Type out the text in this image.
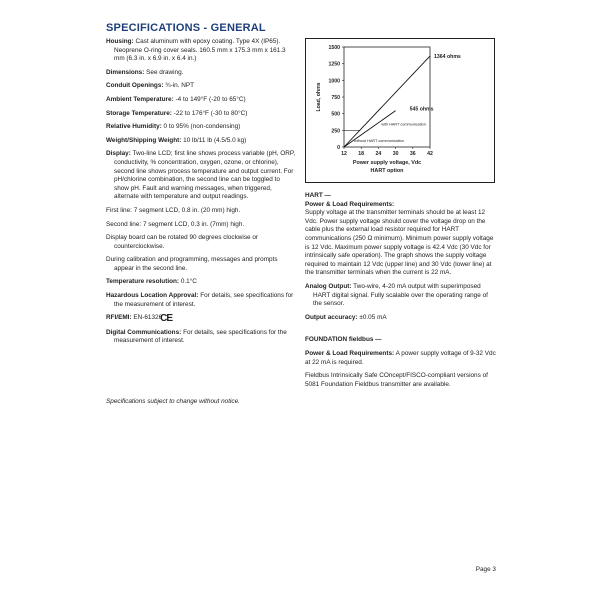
SPECIFICATIONS - GENERAL

Housing: Cast aluminum with epoxy coating. Type 4X (IP65). Neoprene O-ring cover seals. 160.5 mm x 175.3 mm x 161.3 mm (6.3 in. x 6.9 in. x 6.4 in.)

Dimensions: See drawing.

Conduit Openings: ¾-in. NPT

Ambient Temperature: -4 to 149°F (-20 to 65°C)

Storage Temperature: -22 to 176°F (-30 to 80°C)

Relative Humidity: 0 to 95% (non-condensing)

Weight/Shipping Weight: 10 lb/11 lb (4.5/5.0 kg)

Display: Two-line LCD; first line shows process variable (pH, ORP, conductivity, % concentration, oxygen, ozone, or chlorine), second line shows process temperature and output current. For pH/chlorine combination, the second line can be toggled to show pH. Fault and warning messages, when triggered, alternate with temperature and output readings.

First line: 7 segment LCD, 0.8 in. (20 mm) high.

Second line: 7 segment LCD, 0.3 in. (7mm) high.

Display board can be rotated 90 degrees clockwise or counterclockwise.

During calibration and programming, messages and prompts appear in the second line.

Temperature resolution: 0.1°C

Hazardous Location Approval: For details, see specifications for the measurement of interest.

RFI/EMI: EN-61326CE

Digital Communications: For details, see specifications for the measurement of interest.

Specifications subject to change without notice.
0
250
500
750
1000
1250
1500
12 18 24 30 36 42
1364 ohms
545 ohms
with HART communication
without HART communication
Power supply voltage, Vdc
HART option
Load, ohms

HART —

Power & Load Requirements:
Supply voltage at the transmitter terminals should be at least 12 Vdc. Power supply voltage should cover the voltage drop on the cable plus the external load resistor required for HART communications (250 Ω minimum). Minimum power supply voltage is 12 Vdc. Maximum power supply voltage is 42.4 Vdc (30 Vdc for intrinsically safe operation). The graph shows the supply voltage required to maintain 12 Vdc (upper line) and 30 Vdc (lower line) at the transmitter terminals when the current is 22 mA.

Analog Output: Two-wire, 4-20 mA output with superimposed HART digital signal. Fully scalable over the operating range of the sensor.

Output accuracy: ±0.05 mA

FOUNDATION fieldbus —

Power & Load Requirements: A power supply voltage of 9-32 Vdc at 22 mA is required.

Fieldbus Intrinsically Safe COncept/FISCO-compliant versions of 5081 Foundation Fieldbus transmitter are available.

Page 3
